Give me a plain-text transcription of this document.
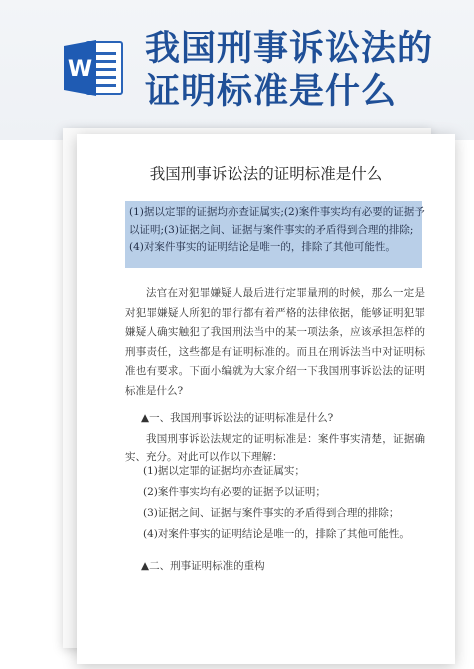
W
我国刑事诉讼法的证明标准是什么
我国刑事诉讼法的证明标准是什么
(1)据以定罪的证据均亦查证属实;(2)案件事实均有必要的证据予以证明;(3)证据之间、证据与案件事实的矛盾得到合理的排除;(4)对案件事实的证明结论是唯一的，排除了其他可能性。
法官在对犯罪嫌疑人最后进行定罪量刑的时候，那么一定是对犯罪嫌疑人所犯的罪行都有着严格的法律依据，能够证明犯罪嫌疑人确实触犯了我国刑法当中的某一项法条，应该承担怎样的刑事责任，这些都是有证明标准的。而且在刑诉法当中对证明标准也有要求。下面小编就为大家介绍一下我国刑事诉讼法的证明标准是什么?
▲一、我国刑事诉讼法的证明标准是什么?
我国刑事诉讼法规定的证明标准是：案件事实清楚，证据确实、充分。对此可以作以下理解：
(1)据以定罪的证据均亦查证属实；
(2)案件事实均有必要的证据予以证明；
(3)证据之间、证据与案件事实的矛盾得到合理的排除；
(4)对案件事实的证明结论是唯一的，排除了其他可能性。
▲二、刑事证明标准的重构
